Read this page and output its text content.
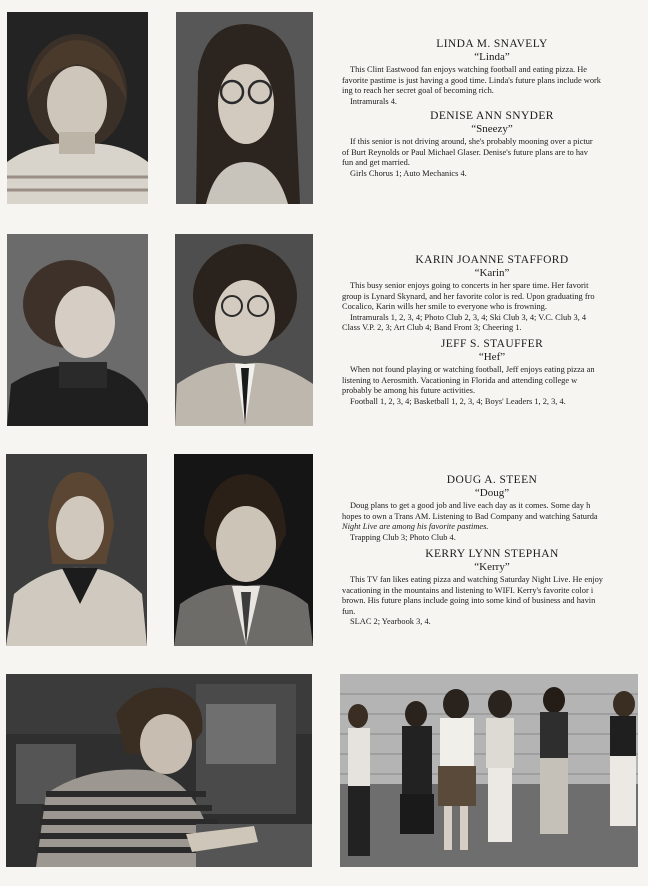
LINDA M. SNAVELY

“Linda”

This Clint Eastwood fan enjoys watching football and eating pizza. He
favorite pastime is just having a good time. Linda's future plans include work
ing to reach her secret goal of becoming rich.

Intramurals 4.

DENISE ANN SNYDER

“Sneezy”

If this senior is not driving around, she's probably mooning over a pictur
of Burt Reynolds or Paul Michael Glaser. Denise's future plans are to hav
fun and get married.

Girls Chorus 1; Auto Mechanics 4.

KARIN JOANNE STAFFORD

“Karin”

This busy senior enjoys going to concerts in her spare time. Her favorit
group is Lynard Skynard, and her favorite color is red. Upon graduating fro
Cocalico, Karin wills her smile to everyone who is frowning.
Intramurals 1, 2, 3, 4; Photo Club 2, 3, 4; Ski Club 3, 4; V.C. Club 3, 4
Class V.P. 2, 3; Art Club 4; Band Front 3; Cheering 1.

JEFF S. STAUFFER

“Hef”

When not found playing or watching football, Jeff enjoys eating pizza an
listening to Aerosmith. Vacationing in Florida and attending college w
probably be among his future activities.

Football 1, 2, 3, 4; Basketball 1, 2, 3, 4; Boys' Leaders 1, 2, 3, 4.

DOUG A. STEEN

“Doug”

Doug plans to get a good job and live each day as it comes. Some day h
hopes to own a Trans AM. Listening to Bad Company and watching Saturda
Night Live are among his favorite pastimes.

Trapping Club 3; Photo Club 4.

KERRY LYNN STEPHAN

“Kerry”

This TV fan likes eating pizza and watching Saturday Night Live. He enjoy
vacationing in the mountains and listening to WIFI. Kerry's favorite color i
brown. His future plans include going into some kind of business and havin
fun.

SLAC 2; Yearbook 3, 4.
